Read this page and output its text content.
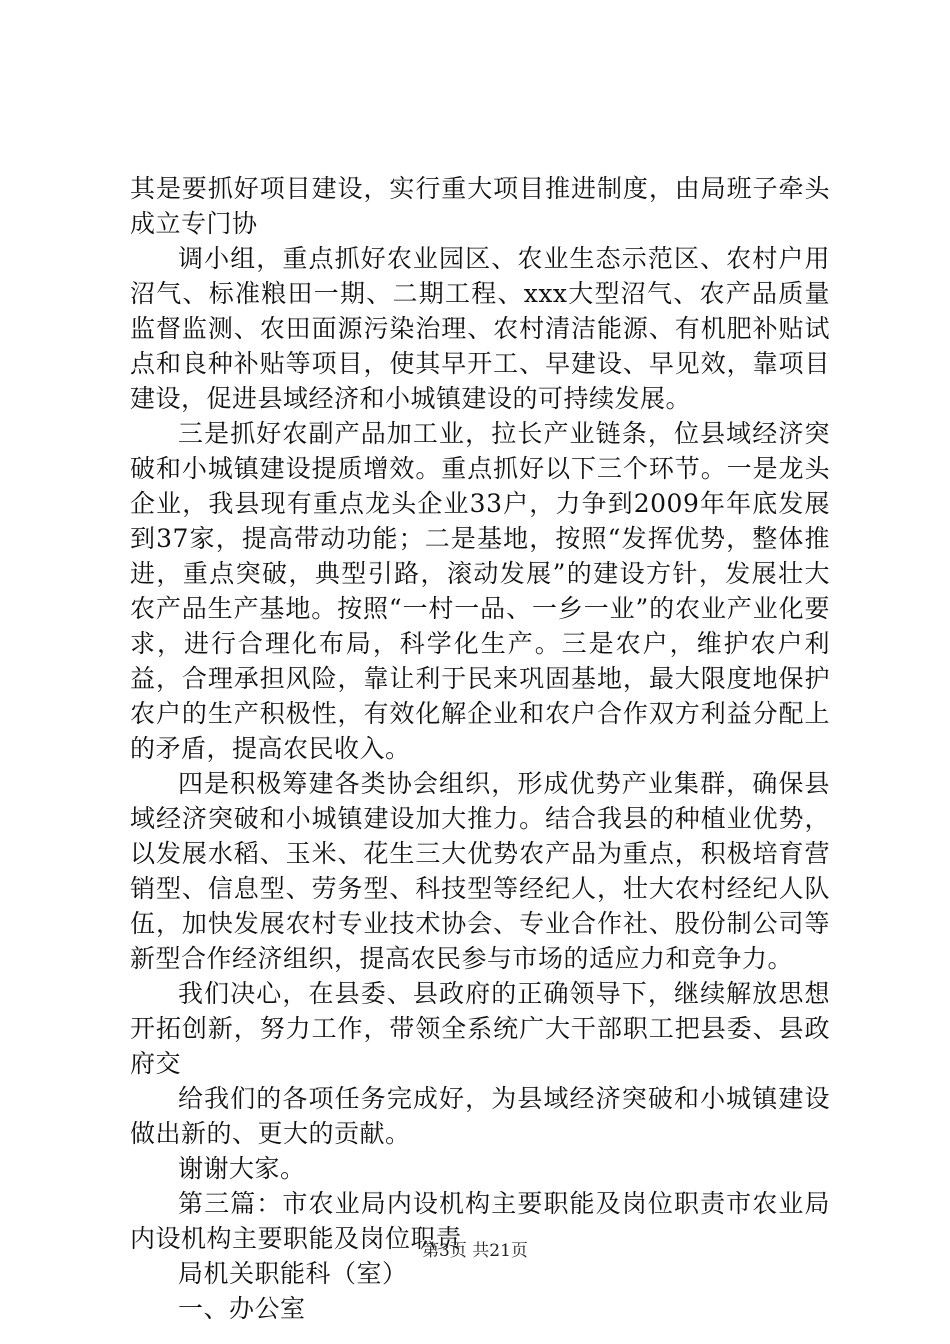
其是要抓好项目建设，实行重大项目推进制度，由局班子牵头成立专门协

调小组，重点抓好农业园区、农业生态示范区、农村户用沼气、标准粮田一期、二期工程、xxx大型沼气、农产品质量监督监测、农田面源污染治理、农村清洁能源、有机肥补贴试点和良种补贴等项目，使其早开工、早建设、早见效，靠项目建设，促进县域经济和小城镇建设的可持续发展。

三是抓好农副产品加工业，拉长产业链条，位县域经济突破和小城镇建设提质增效。重点抓好以下三个环节。一是龙头企业，我县现有重点龙头企业33户，力争到2009年年底发展到37家，提高带动功能；二是基地，按照“发挥优势，整体推进，重点突破，典型引路，滚动发展”的建设方针，发展壮大农产品生产基地。按照“一村一品、一乡一业”的农业产业化要求，进行合理化布局，科学化生产。三是农户，维护农户利益，合理承担风险，靠让利于民来巩固基地，最大限度地保护农户的生产积极性，有效化解企业和农户合作双方利益分配上的矛盾，提高农民收入。

四是积极筹建各类协会组织，形成优势产业集群，确保县域经济突破和小城镇建设加大推力。结合我县的种植业优势，以发展水稻、玉米、花生三大优势农产品为重点，积极培育营销型、信息型、劳务型、科技型等经纪人，壮大农村经纪人队伍，加快发展农村专业技术协会、专业合作社、股份制公司等新型合作经济组织，提高农民参与市场的适应力和竞争力。

我们决心，在县委、县政府的正确领导下，继续解放思想开拓创新，努力工作，带领全系统广大干部职工把县委、县政府交

给我们的各项任务完成好，为县域经济突破和小城镇建设做出新的、更大的贡献。

谢谢大家。

第三篇：市农业局内设机构主要职能及岗位职责市农业局内设机构主要职能及岗位职责

局机关职能科（室）

一、办公室

第3页 共21页
